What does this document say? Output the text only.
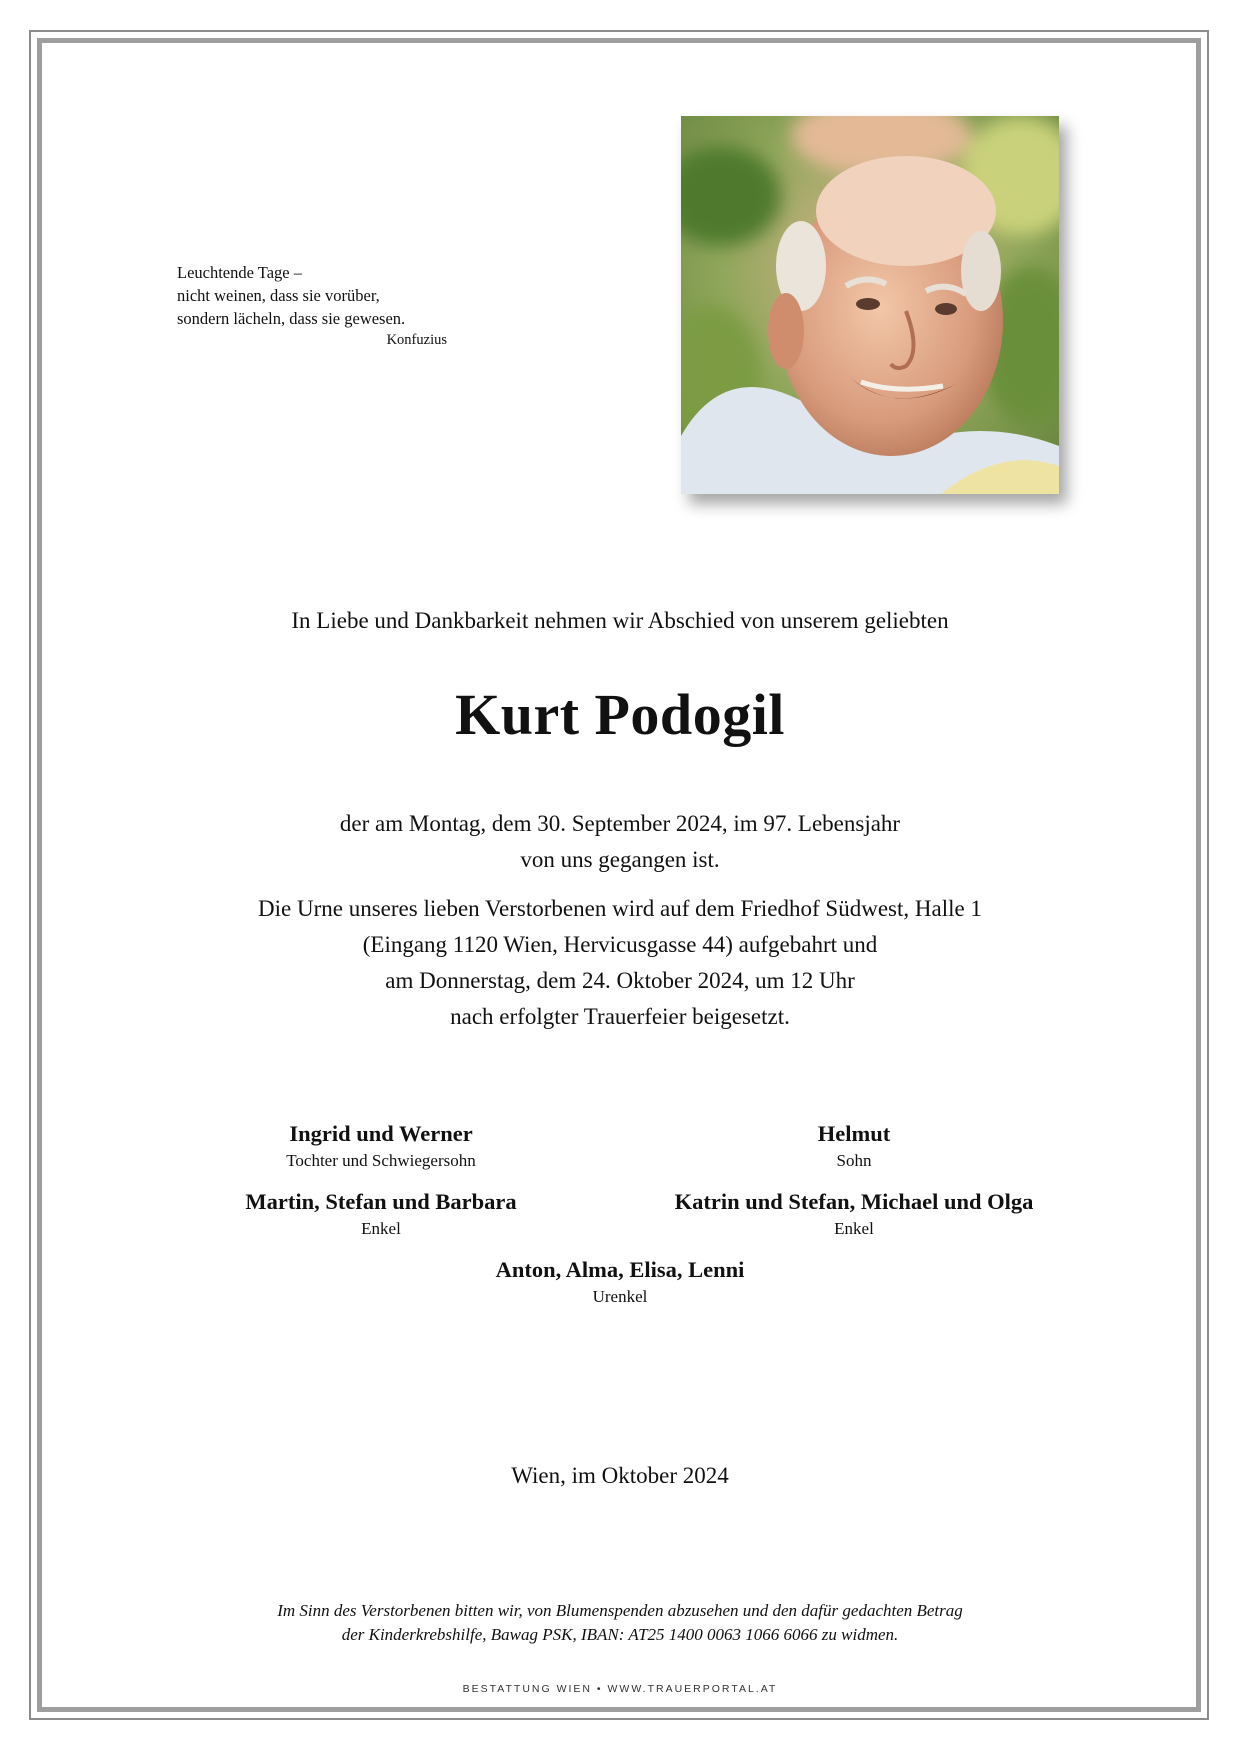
Leuchtende Tage –
nicht weinen, dass sie vorüber,
sondern lächeln, dass sie gewesen.
Konfuzius
In Liebe und Dankbarkeit nehmen wir Abschied von unserem geliebten
Kurt Podogil
der am Montag, dem 30. September 2024, im 97. Lebensjahr
von uns gegangen ist.
Die Urne unseres lieben Verstorbenen wird auf dem Friedhof Südwest, Halle 1
(Eingang 1120 Wien, Hervicusgasse 44) aufgebahrt und
am Donnerstag, dem 24. Oktober 2024, um 12 Uhr
nach erfolgter Trauerfeier beigesetzt.
Ingrid und Werner
Tochter und Schwiegersohn
Helmut
Sohn
Martin, Stefan und Barbara
Enkel
Katrin und Stefan, Michael und Olga
Enkel
Anton, Alma, Elisa, Lenni
Urenkel
Wien, im Oktober 2024
Im Sinn des Verstorbenen bitten wir, von Blumenspenden abzusehen und den dafür gedachten Betrag
der Kinderkrebshilfe, Bawag PSK, IBAN: AT25 1400 0063 1066 6066 zu widmen.
BESTATTUNG WIEN • WWW.TRAUERPORTAL.AT
